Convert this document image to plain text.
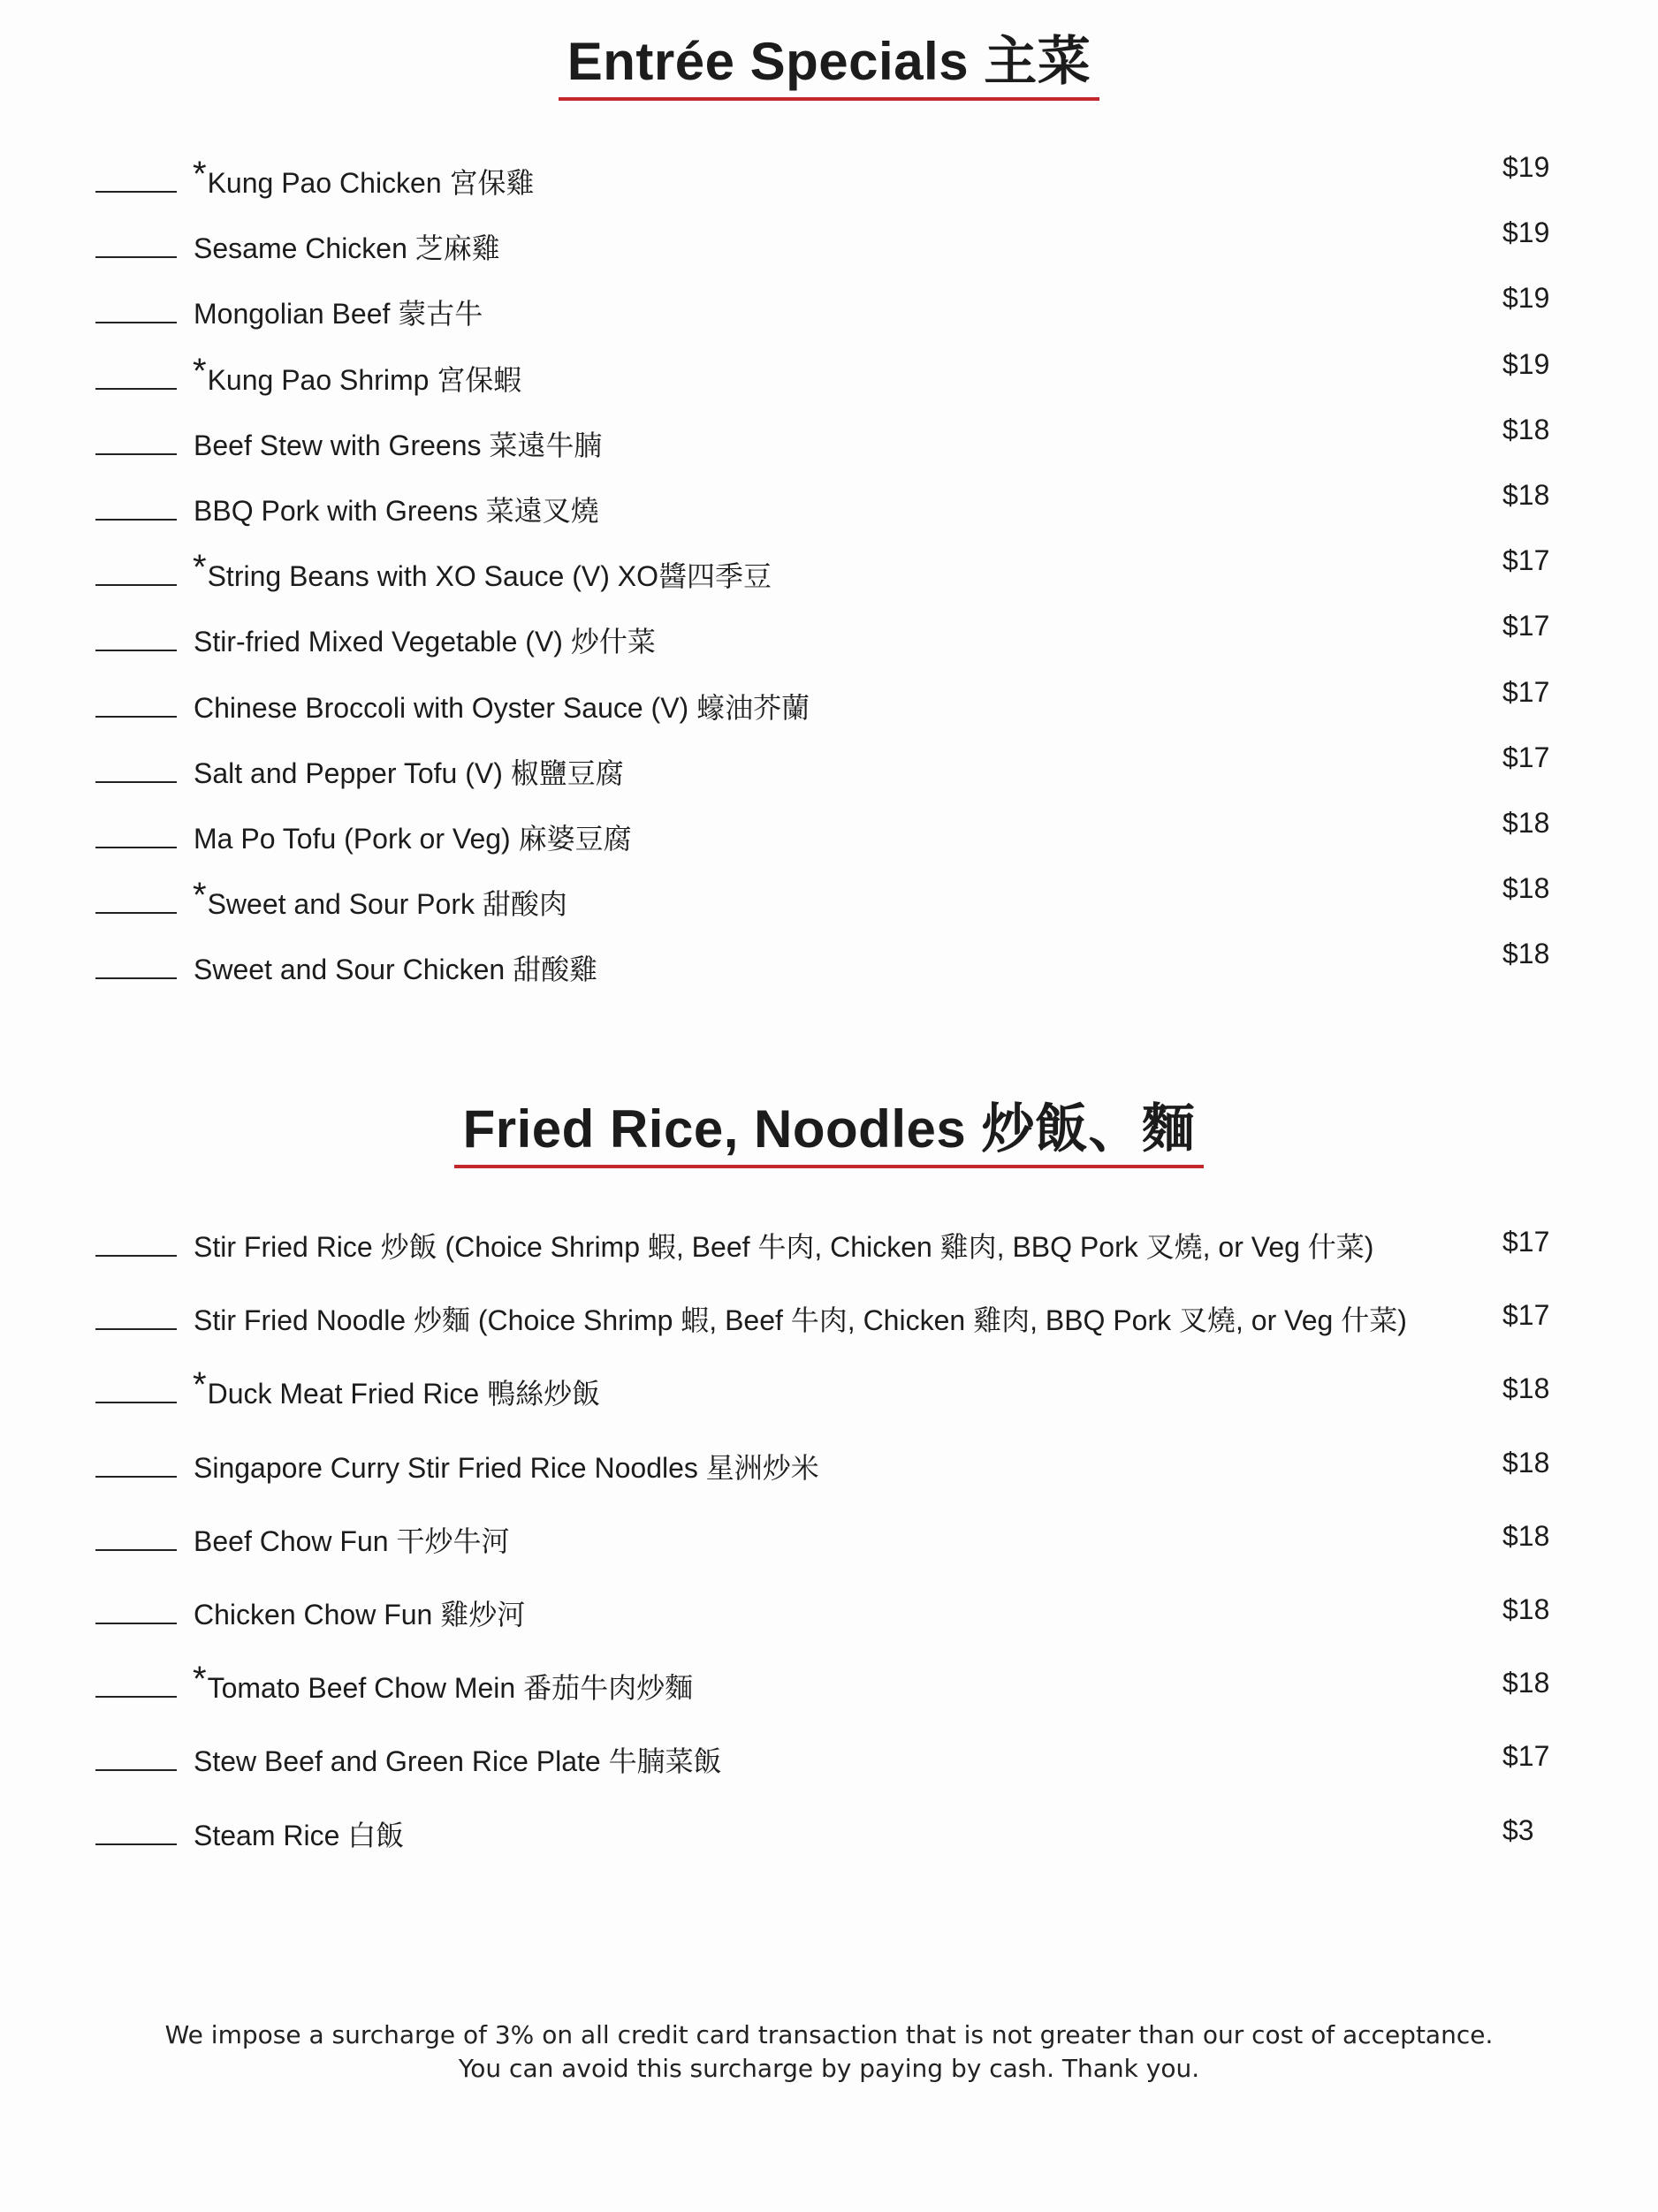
Entrée Specials 主菜
*Kung Pao Chicken 宮保雞	$19
Sesame Chicken 芝麻雞	$19
Mongolian Beef 蒙古牛	$19
*Kung Pao Shrimp 宮保蝦	$19
Beef Stew with Greens 菜遠牛腩	$18
BBQ Pork with Greens 菜遠叉燒	$18
*String Beans with XO Sauce (V) XO醬四季豆	$17
Stir-fried Mixed Vegetable (V) 炒什菜	$17
Chinese Broccoli with Oyster Sauce (V) 蠔油芥蘭	$17
Salt and Pepper Tofu (V) 椒鹽豆腐	$17
Ma Po Tofu (Pork or Veg) 麻婆豆腐	$18
*Sweet and Sour Pork 甜酸肉	$18
Sweet and Sour Chicken 甜酸雞	$18
Fried Rice, Noodles 炒飯、麵
Stir Fried Rice 炒飯 (Choice Shrimp 蝦, Beef 牛肉, Chicken 雞肉, BBQ Pork 叉燒, or Veg 什菜)	$17
Stir Fried Noodle 炒麵 (Choice Shrimp 蝦, Beef 牛肉, Chicken 雞肉, BBQ Pork 叉燒, or Veg 什菜)	$17
*Duck Meat Fried Rice 鴨絲炒飯	$18
Singapore Curry Stir Fried Rice Noodles 星洲炒米	$18
Beef Chow Fun 干炒牛河	$18
Chicken Chow Fun 雞炒河	$18
*Tomato Beef Chow Mein 番茄牛肉炒麵	$18
Stew Beef and Green Rice Plate 牛腩菜飯	$17
Steam Rice 白飯	$3
We impose a surcharge of 3% on all credit card transaction that is not greater than our cost of acceptance.
You can avoid this surcharge by paying by cash. Thank you.
